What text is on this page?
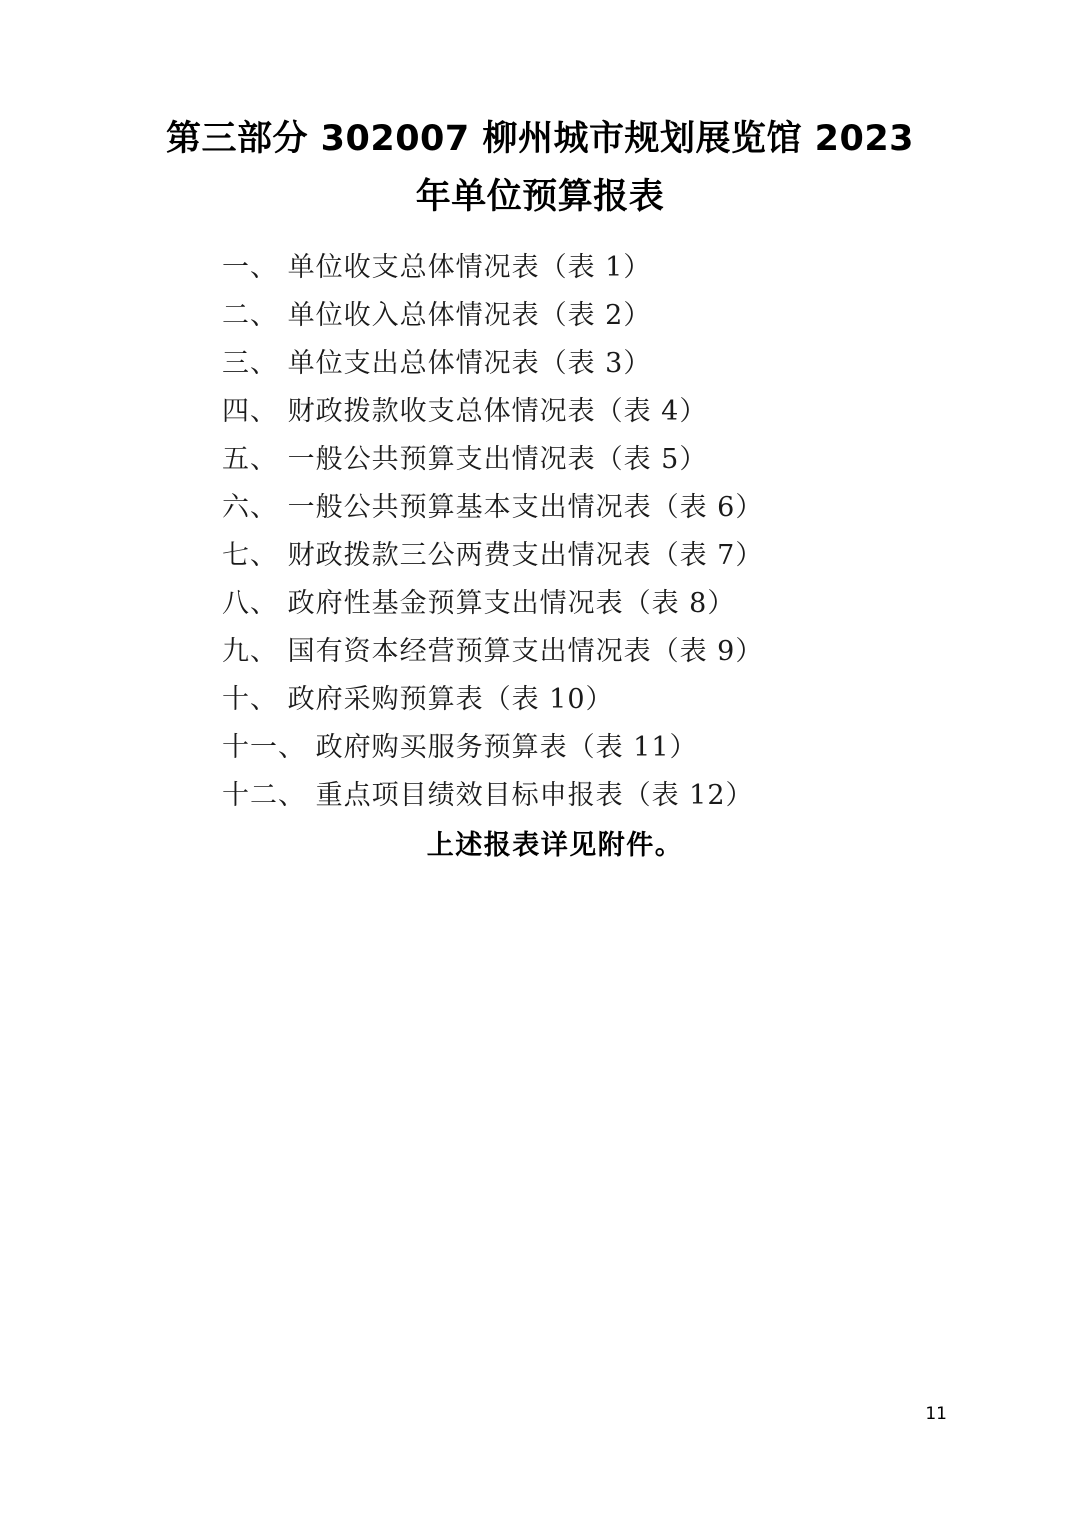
第三部分 302007 柳州城市规划展览馆 2023 年单位预算报表
一、 单位收支总体情况表（表 1）
二、 单位收入总体情况表（表 2）
三、 单位支出总体情况表（表 3）
四、 财政拨款收支总体情况表（表 4）
五、 一般公共预算支出情况表（表 5）
六、 一般公共预算基本支出情况表（表 6）
七、 财政拨款三公两费支出情况表（表 7）
八、 政府性基金预算支出情况表（表 8）
九、 国有资本经营预算支出情况表（表 9）
十、 政府采购预算表（表 10）
十一、 政府购买服务预算表（表 11）
十二、 重点项目绩效目标申报表（表 12）
上述报表详见附件。
11
